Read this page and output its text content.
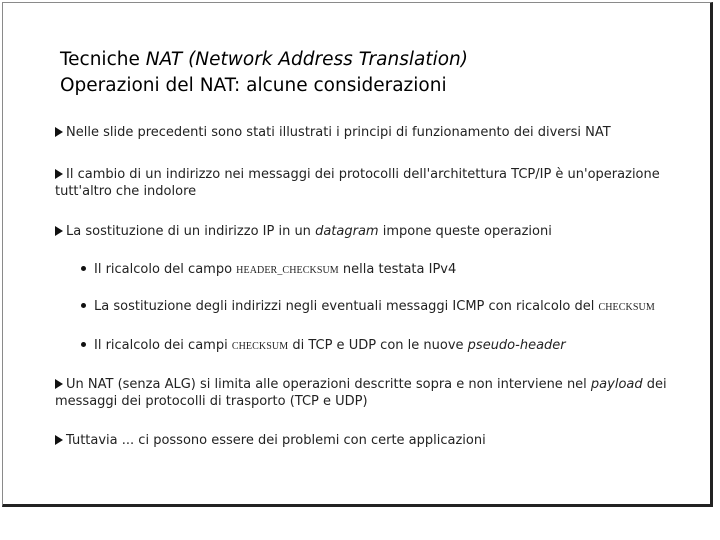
Tecniche NAT (Network Address Translation)
Operazioni del NAT: alcune considerazioni
Nelle slide precedenti sono stati illustrati i principi di funzionamento dei diversi NAT
Il cambio di un indirizzo nei messaggi dei protocolli dell'architettura TCP/IP è un'operazione tutt'altro che indolore
La sostituzione di un indirizzo IP in un datagram impone queste operazioni
Il ricalcolo del campo HEADER_CHECKSUM nella testata IPv4
La sostituzione degli indirizzi negli eventuali messaggi ICMP con ricalcolo del CHECKSUM
Il ricalcolo dei campi CHECKSUM di TCP e UDP con le nuove pseudo-header
Un NAT (senza ALG) si limita alle operazioni descritte sopra e non interviene nel payload dei messaggi dei protocolli di trasporto (TCP e UDP)
Tuttavia ... ci possono essere dei problemi con certe applicazioni
